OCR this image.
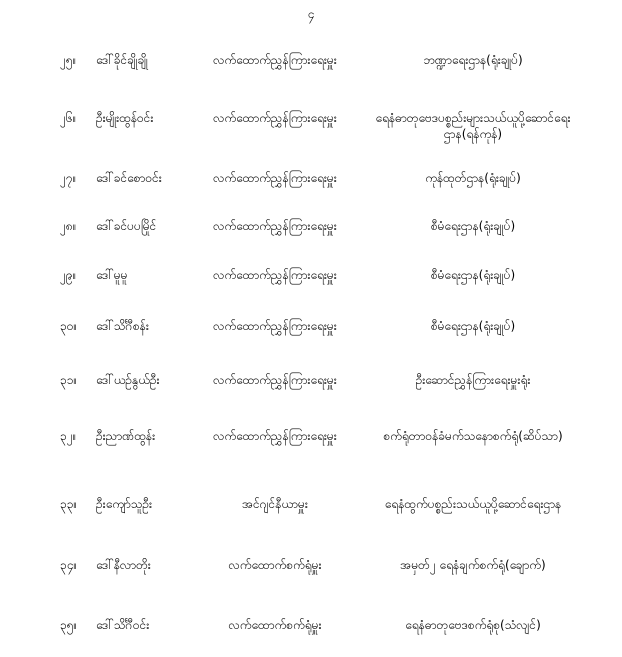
၄
၂၅။	ဒေါ်ခိုင်ချိုချို	လက်ထောက်ညွှန်ကြားရေးမှူး	ဘဏ္ဍာရေးဌာန(ရုံးချုပ်)
၂၆။	ဦးမျိုးထွန်ဝင်း	လက်ထောက်ညွှန်ကြားရေးမှူး	ရေနံဓာတုဗေဒပစ္စည်းများသယ်ယူပို့ဆောင်ရေးဌာန(ရန်ကုန်)
၂၇။	ဒေါ်ခင်စောဝင်း	လက်ထောက်ညွှန်ကြားရေးမှူး	ကုန်ထုတ်ဌာန(ရုံးချုပ်)
၂၈။	ဒေါ်ခင်ပပမြိုင်	လက်ထောက်ညွှန်ကြားရေးမှူး	စီမံရေးဌာန(ရုံးချုပ်)
၂၉။	ဒေါ်မူမူ	လက်ထောက်ညွှန်ကြားရေးမှူး	စီမံရေးဌာန(ရုံးချုပ်)
၃၀။	ဒေါ်သိင်္ဂီစန်း	လက်ထောက်ညွှန်ကြားရေးမှူး	စီမံရေးဌာန(ရုံးချုပ်)
၃၁။	ဒေါ်ယဉ်နွယ်ဦး	လက်ထောက်ညွှန်ကြားရေးမှူး	ဦးဆောင်ညွှန်ကြားရေးမှူးရုံး
၃၂။	ဦးညာဏ်ထွန်း	လက်ထောက်ညွှန်ကြားရေးမှူး	စက်ရုံတာဝန်ခံမက်သနောစက်ရုံ(ဆိပ်သာ)
၃၃။	ဦးကျော်သူဦး	အင်ဂျင်နီယာမှူး	ရေနံထွက်ပစ္စည်းသယ်ယူပို့ဆောင်ရေးဌာန
၃၄။	ဒေါ်နီလာတိုး	လက်ထောက်စက်ရုံမှူး	အမှတ်၂ ရေနံချက်စက်ရုံ(ချောက်)
၃၅။	ဒေါ်သိင်္ဂီဝင်း	လက်ထောက်စက်ရုံမှူး	ရေနံဓာတုဗေဒစက်ရုံစု(သံလျင်)
